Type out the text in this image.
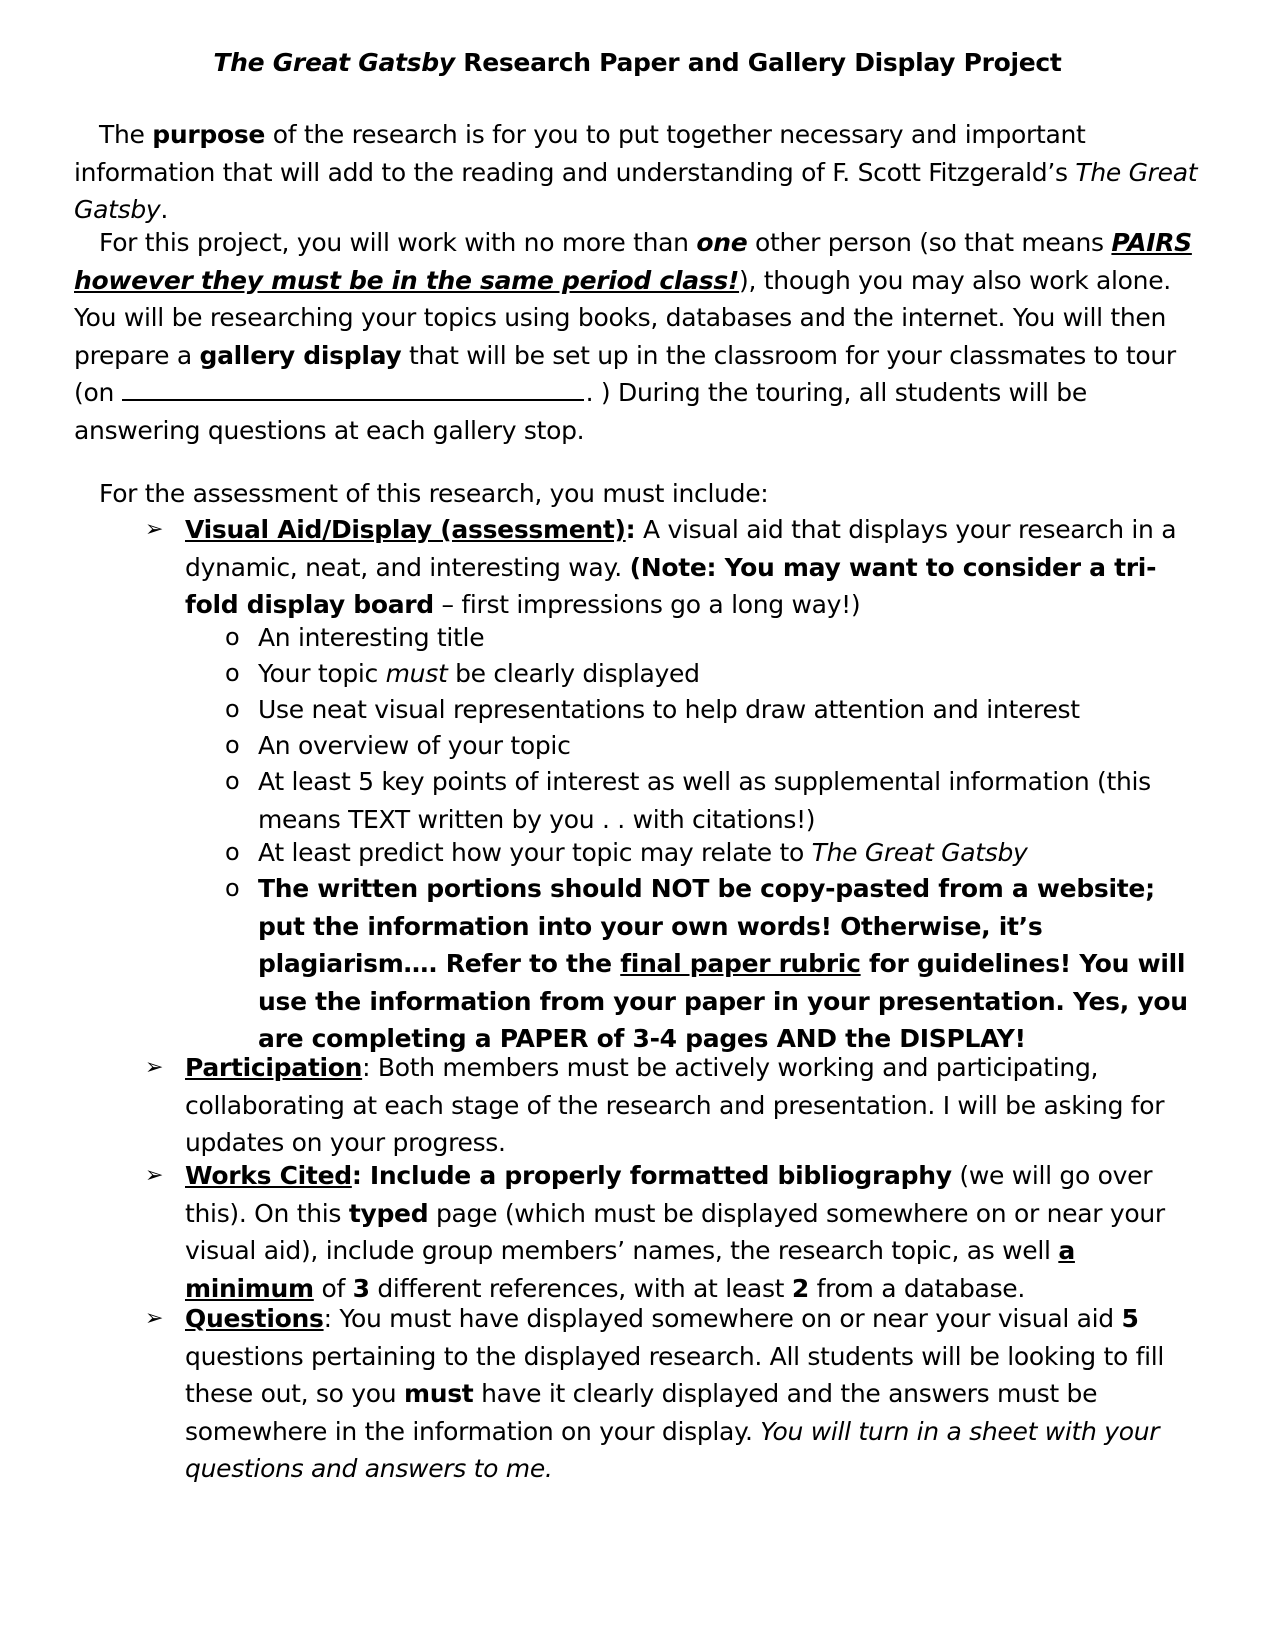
The Great Gatsby Research Paper and Gallery Display Project
The purpose of the research is for you to put together necessary and important information that will add to the reading and understanding of F. Scott Fitzgerald’s The Great Gatsby.
For this project, you will work with no more than one other person (so that means PAIRS however they must be in the same period class!), though you may also work alone. You will be researching your topics using books, databases and the internet. You will then prepare a gallery display that will be set up in the classroom for your classmates to tour (on	. ) During the touring, all students will be answering questions at each gallery stop.
For the assessment of this research, you must include:
➢ Visual Aid/Display (assessment): A visual aid that displays your research in a dynamic, neat, and interesting way. (Note: You may want to consider a tri-fold display board – first impressions go a long way!)
o An interesting title
o Your topic must be clearly displayed
o Use neat visual representations to help draw attention and interest
o An overview of your topic
o At least 5 key points of interest as well as supplemental information (this means TEXT written by you . . with citations!)
o At least predict how your topic may relate to The Great Gatsby
o The written portions should NOT be copy-pasted from a website; put the information into your own words! Otherwise, it’s plagiarism…. Refer to the final paper rubric for guidelines! You will use the information from your paper in your presentation. Yes, you are completing a PAPER of 3-4 pages AND the DISPLAY!
➢ Participation: Both members must be actively working and participating, collaborating at each stage of the research and presentation. I will be asking for updates on your progress.
➢ Works Cited: Include a properly formatted bibliography (we will go over this). On this typed page (which must be displayed somewhere on or near your visual aid), include group members’ names, the research topic, as well a minimum of 3 different references, with at least 2 from a database.
➢ Questions: You must have displayed somewhere on or near your visual aid 5 questions pertaining to the displayed research. All students will be looking to fill these out, so you must have it clearly displayed and the answers must be somewhere in the information on your display. You will turn in a sheet with your questions and answers to me.
